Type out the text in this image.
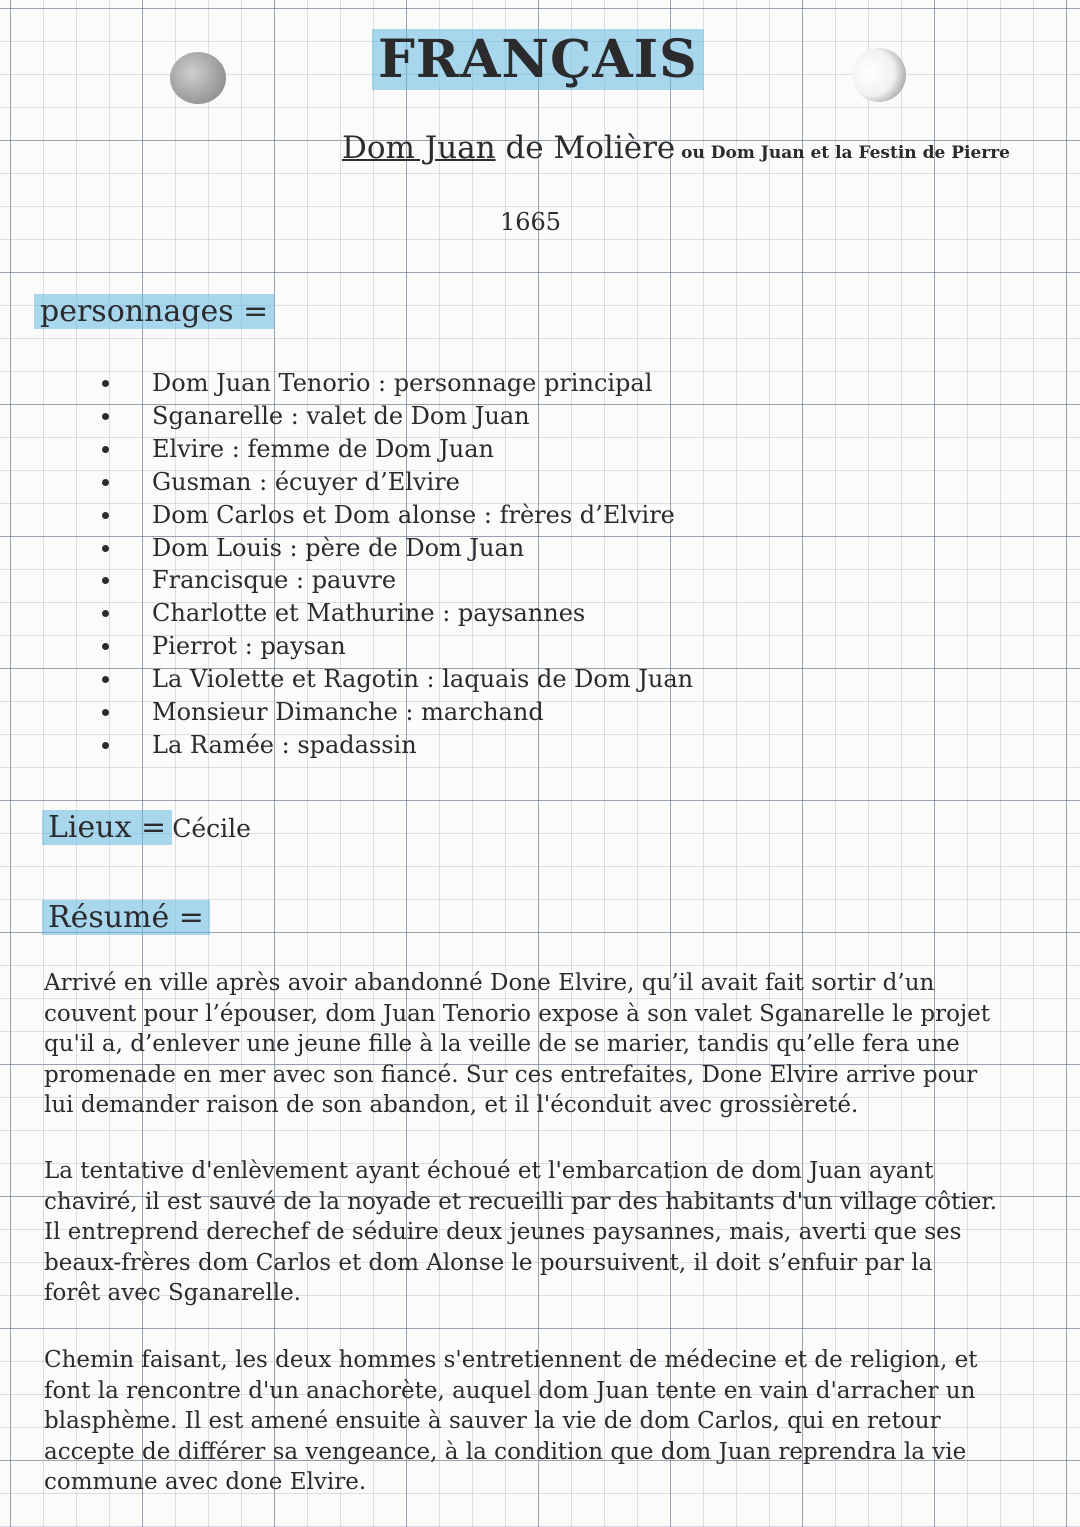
FRANÇAIS
Dom Juan de Molière ou Dom Juan et la Festin de Pierre
1665
personnages =
Dom Juan Tenorio : personnage principal
Sganarelle : valet de Dom Juan
Elvire : femme de Dom Juan
Gusman : écuyer d’Elvire
Dom Carlos et Dom alonse : frères d’Elvire
Dom Louis : père de Dom Juan
Francisque : pauvre
Charlotte et Mathurine : paysannes
Pierrot : paysan
La Violette et Ragotin : laquais de Dom Juan
Monsieur Dimanche : marchand
La Ramée : spadassin
Lieux = Cécile
Résumé =

Arrivé en ville après avoir abandonné Done Elvire, qu’il avait fait sortir d’un
couvent pour l’épouser, dom Juan Tenorio expose à son valet Sganarelle le projet
qu'il a, d’enlever une jeune fille à la veille de se marier, tandis qu’elle fera une
promenade en mer avec son fiancé. Sur ces entrefaites, Done Elvire arrive pour
lui demander raison de son abandon, et il l'éconduit avec grossièreté.

La tentative d'enlèvement ayant échoué et l'embarcation de dom Juan ayant
chaviré, il est sauvé de la noyade et recueilli par des habitants d'un village côtier.
Il entreprend derechef de séduire deux jeunes paysannes, mais, averti que ses
beaux-frères dom Carlos et dom Alonse le poursuivent, il doit s’enfuir par la
forêt avec Sganarelle.

Chemin faisant, les deux hommes s'entretiennent de médecine et de religion, et
font la rencontre d'un anachorète, auquel dom Juan tente en vain d'arracher un
blasphème. Il est amené ensuite à sauver la vie de dom Carlos, qui en retour
accepte de différer sa vengeance, à la condition que dom Juan reprendra la vie
commune avec done Elvire.
